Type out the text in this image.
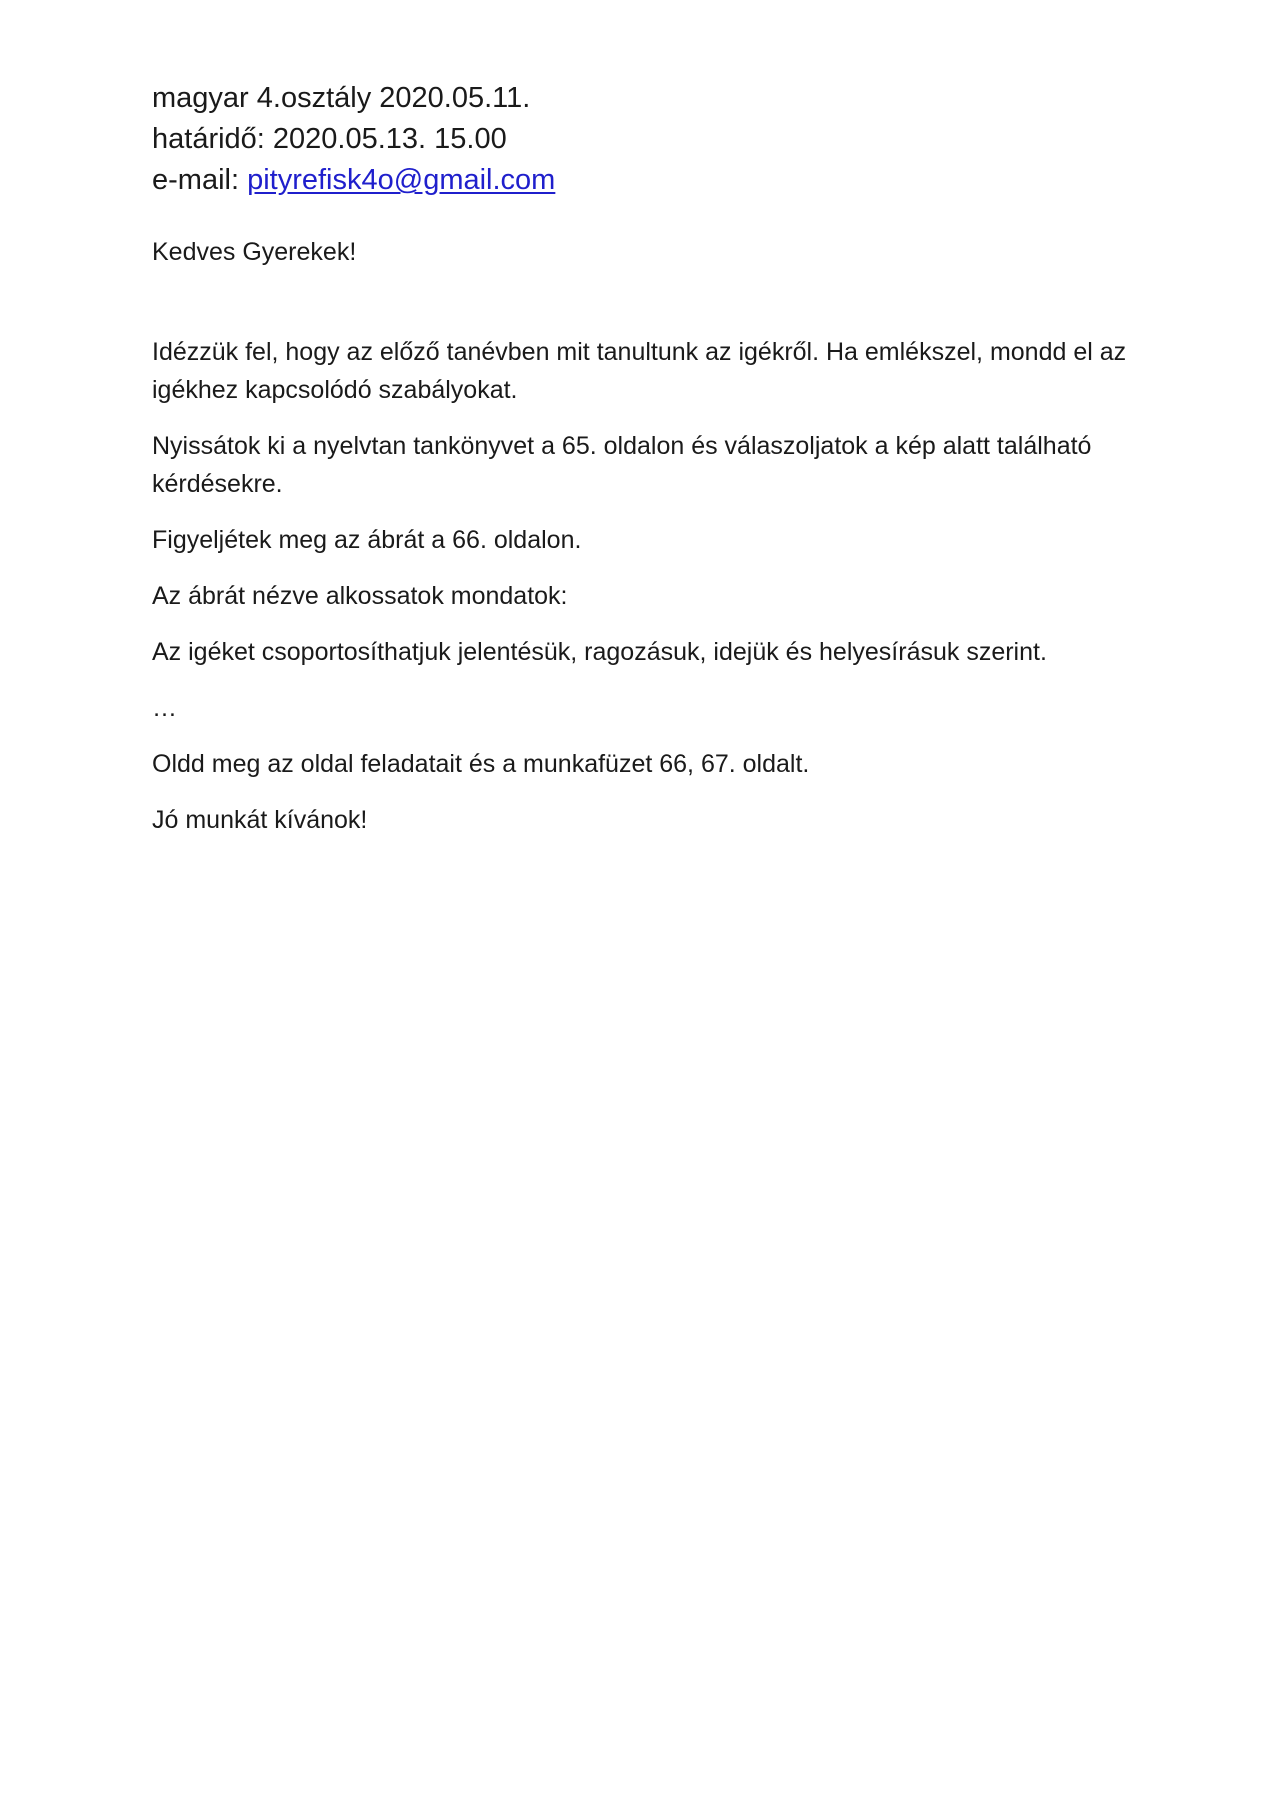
magyar 4.osztály 2020.05.11.
határidő: 2020.05.13. 15.00
e-mail: pityrefisk4o@gmail.com
Kedves Gyerekek!

Idézzük fel, hogy az előző tanévben mit tanultunk az igékről. Ha emlékszel, mondd el az igékhez kapcsolódó szabályokat.

Nyissátok ki a nyelvtan tankönyvet a 65. oldalon és válaszoljatok a kép alatt található kérdésekre.

Figyeljétek meg az ábrát a 66. oldalon.

Az ábrát nézve alkossatok mondatok:

Az igéket csoportosíthatjuk jelentésük, ragozásuk, idejük és helyesírásuk szerint.

…

Oldd meg az oldal feladatait és a munkafüzet 66, 67. oldalt.

Jó munkát kívánok!
